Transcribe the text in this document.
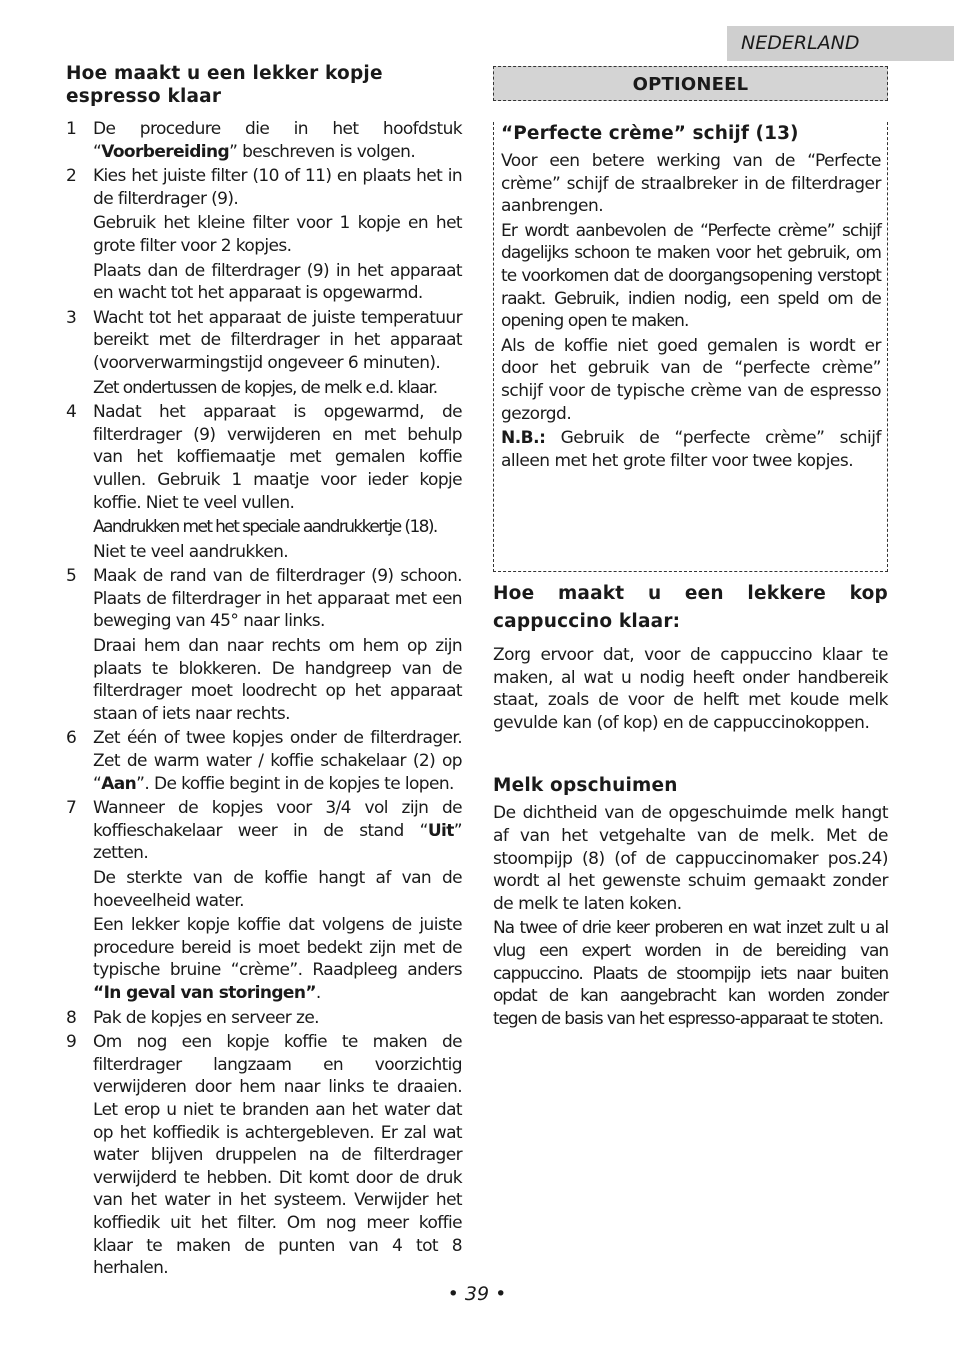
NEDERLAND
Hoe maakt u een lekker kopje espresso klaar
1 De procedure die in het hoofdstuk “Voorbereiding” beschreven is volgen.

2 Kies het juiste filter (10 of 11) en plaats het in de filterdrager (9).

Gebruik het kleine filter voor 1 kopje en het grote filter voor 2 kopjes.

Plaats dan de filterdrager (9) in het apparaat en wacht tot het apparaat is opgewarmd.

3 Wacht tot het apparaat de juiste temperatuur bereikt met de filterdrager in het apparaat (voorverwarmingstijd ongeveer 6 minuten).

Zet ondertussen de kopjes, de melk e.d. klaar.

4 Nadat het apparaat is opgewarmd, de filterdrager (9) verwijderen en met behulp van het koffiemaatje met gemalen koffie vullen. Gebruik 1 maatje voor ieder kopje koffie. Niet te veel vullen.

Aandrukken met het speciale aandrukkertje (18).

Niet te veel aandrukken.

5 Maak de rand van de filterdrager (9) schoon. Plaats de filterdrager in het apparaat met een beweging van 45° naar links.

Draai hem dan naar rechts om hem op zijn plaats te blokkeren. De handgreep van de filterdrager moet loodrecht op het apparaat staan of iets naar rechts.

6 Zet één of twee kopjes onder de filterdrager. Zet de warm water / koffie schakelaar (2) op “Aan”. De koffie begint in de kopjes te lopen.

7 Wanneer de kopjes voor 3/4 vol zijn de koffieschakelaar weer in de stand “Uit” zetten.

De sterkte van de koffie hangt af van de hoeveelheid water.

Een lekker kopje koffie dat volgens de juiste procedure bereid is moet bedekt zijn met de typische bruine “crème”. Raadpleeg anders “In geval van storingen”.

8 Pak de kopjes en serveer ze.

9 Om nog een kopje koffie te maken de filterdrager langzaam en voorzichtig verwijderen door hem naar links te draaien. Let erop u niet te branden aan het water dat op het koffiedik is achtergebleven. Er zal wat water blijven druppelen na de filterdrager verwijderd te hebben. Dit komt door de druk van het water in het systeem. Verwijder het koffiedik uit het filter. Om nog meer koffie klaar te maken de punten van 4 tot 8 herhalen.

OPTIONEEL
“Perfecte crème” schijf (13)

Voor een betere werking van de “Perfecte crème” schijf de straalbreker in de filterdrager aanbrengen.

Er wordt aanbevolen de “Perfecte crème” schijf dagelijks schoon te maken voor het gebruik, om te voorkomen dat de doorgangsopening verstopt raakt. Gebruik, indien nodig, een speld om de opening open te maken.

Als de koffie niet goed gemalen is wordt er door het gebruik van de “perfecte crème” schijf voor de typische crème van de espresso gezorgd.

N.B.: Gebruik de “perfecte crème” schijf alleen met het grote filter voor twee kopjes.

Hoe maakt u een lekkere kop cappuccino klaar:

Zorg ervoor dat, voor de cappuccino klaar te maken, al wat u nodig heeft onder handbereik staat, zoals de voor de helft met koude melk gevulde kan (of kop) en de cappuccinokoppen.

Melk opschuimen

De dichtheid van de opgeschuimde melk hangt af van het vetgehalte van de melk. Met de stoompijp (8) (of de cappuccinomaker pos.24) wordt al het gewenste schuim gemaakt zonder de melk te laten koken.

Na twee of drie keer proberen en wat inzet zult u al vlug een expert worden in de bereiding van cappuccino. Plaats de stoompijp iets naar buiten opdat de kan aangebracht kan worden zonder tegen de basis van het espresso-apparaat te stoten.

• 39 •
